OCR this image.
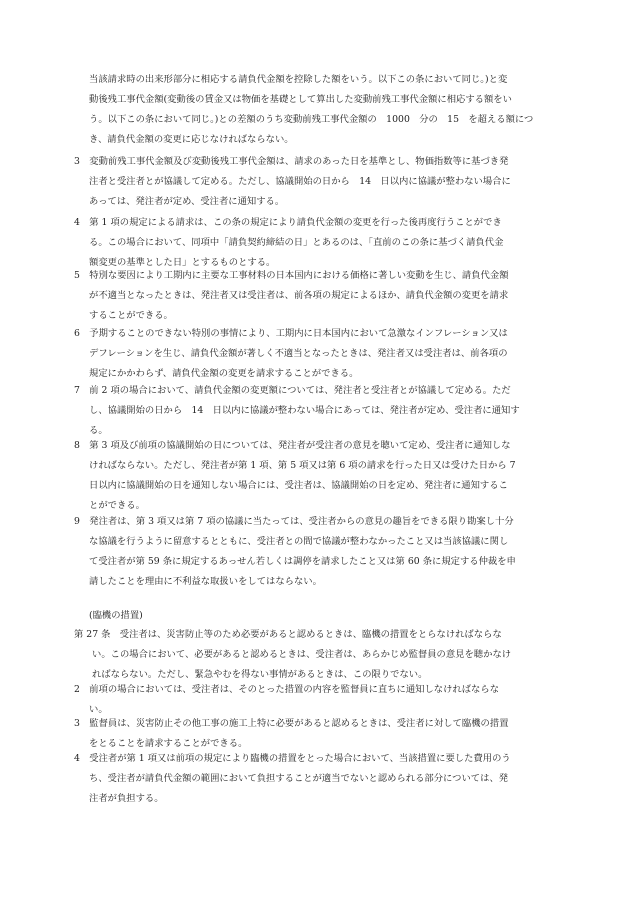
当該請求時の出来形部分に相応する請負代金額を控除した額をいう。以下この条において同じ。)と変
動後残工事代金額(変動後の賃金又は物価を基礎として算出した変動前残工事代金額に相応する額をい
う。以下この条において同じ。)との差額のうち変動前残工事代金額の　1000　分の　15　を超える額につ
き、請負代金額の変更に応じなければならない。
3　変動前残工事代金額及び変動後残工事代金額は、請求のあった日を基準とし、物価指数等に基づき発
注者と受注者とが協議して定める。ただし、協議開始の日から　14　日以内に協議が整わない場合に
あっては、発注者が定め、受注者に通知する。
4　第 1 項の規定による請求は、この条の規定により請負代金額の変更を行った後再度行うことができ
る。この場合において、同項中「請負契約締結の日」とあるのは、「直前のこの条に基づく請負代金
額変更の基準とした日」とするものとする。
5　特別な要因により工期内に主要な工事材料の日本国内における価格に著しい変動を生じ、請負代金額
が不適当となったときは、発注者又は受注者は、前各項の規定によるほか、請負代金額の変更を請求
することができる。
6　予期することのできない特別の事情により、工期内に日本国内において急激なインフレーション又は
デフレーションを生じ、請負代金額が著しく不適当となったときは、発注者又は受注者は、前各項の
規定にかかわらず、請負代金額の変更を請求することができる。
7　前 2 項の場合において、請負代金額の変更額については、発注者と受注者とが協議して定める。ただ
し、協議開始の日から　14　日以内に協議が整わない場合にあっては、発注者が定め、受注者に通知す
る。
8　第 3 項及び前項の協議開始の日については、発注者が受注者の意見を聴いて定め、受注者に通知しな
ければならない。ただし、発注者が第 1 項、第 5 項又は第 6 項の請求を行った日又は受けた日から 7
日以内に協議開始の日を通知しない場合には、受注者は、協議開始の日を定め、発注者に通知するこ
とができる。
9　発注者は、第 3 項又は第 7 項の協議に当たっては、受注者からの意見の趣旨をできる限り勘案し十分
な協議を行うように留意するとともに、受注者との間で協議が整わなかったこと又は当該協議に関し
て受注者が第 59 条に規定するあっせん若しくは調停を請求したこと又は第 60 条に規定する仲裁を申
請したことを理由に不利益な取扱いをしてはならない。
第 27 条　受注者は、災害防止等のため必要があると認めるときは、臨機の措置をとらなければならな
い。この場合において、必要があると認めるときは、受注者は、あらかじめ監督員の意見を聴かなけ
ればならない。ただし、緊急やむを得ない事情があるときは、この限りでない。
2　前項の場合においては、受注者は、そのとった措置の内容を監督員に直ちに通知しなければならな
い。
3　監督員は、災害防止その他工事の施工上特に必要があると認めるときは、受注者に対して臨機の措置
をとることを請求することができる。
4　受注者が第 1 項又は前項の規定により臨機の措置をとった場合において、当該措置に要した費用のう
ち、受注者が請負代金額の範囲において負担することが適当でないと認められる部分については、発
注者が負担する。
(臨機の措置)
